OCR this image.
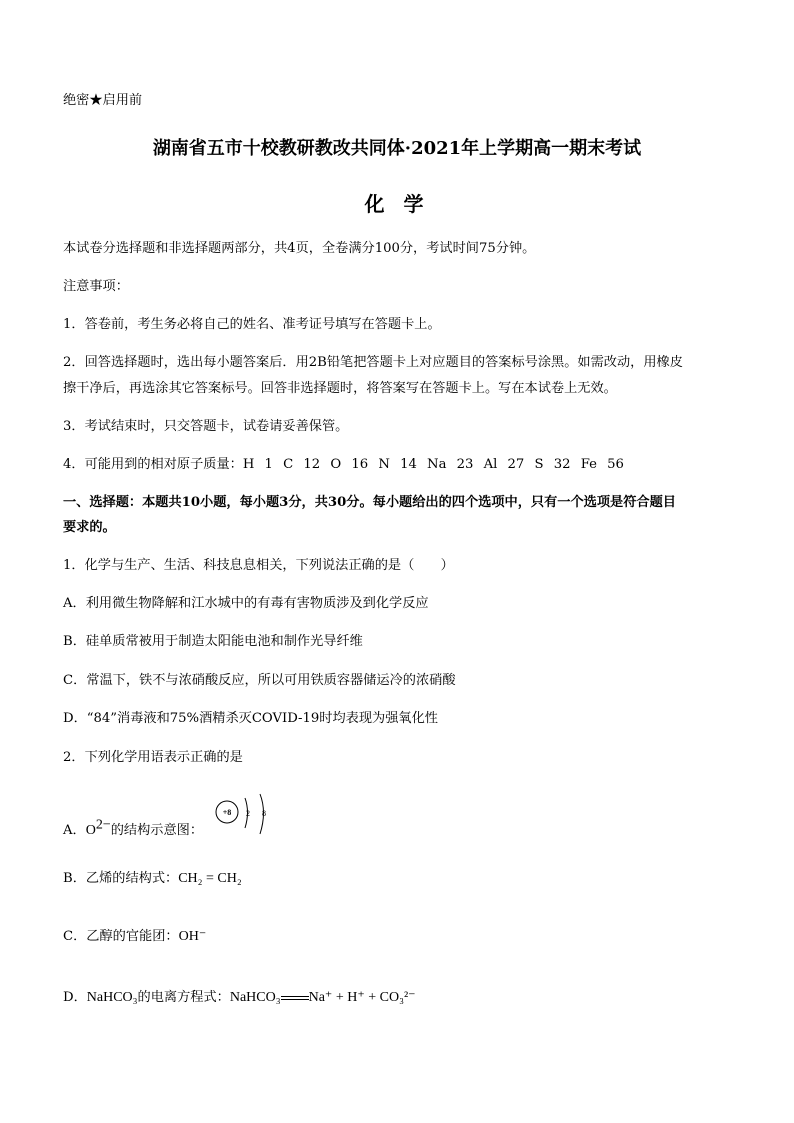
绝密★启用前
湖南省五市十校教研教改共同体·2021年上学期高一期末考试
化 学
本试卷分选择题和非选择题两部分，共4页，全卷满分100分，考试时间75分钟。
注意事项：
1．答卷前，考生务必将自己的姓名、准考证号填写在答题卡上。
2．回答选择题时，选出每小题答案后．用2B铅笔把答题卡上对应题目的答案标号涂黑。如需改动，用橡皮
擦干净后，再选涂其它答案标号。回答非选择题时，将答案写在答题卡上。写在本试卷上无效。
3．考试结束时，只交答题卡，试卷请妥善保管。
4．可能用到的相对原子质量：H 1 C 12 O 16 N 14 Na 23 Al 27 S 32 Fe 56
一、选择题：本题共10小题，每小题3分，共30分。每小题给出的四个选项中，只有一个选项是符合题目
要求的。
1．化学与生产、生活、科技息息相关，下列说法正确的是（　　）
A．利用微生物降解和江水城中的有毒有害物质涉及到化学反应
B．硅单质常被用于制造太阳能电池和制作光导纤维
C．常温下，铁不与浓硝酸反应，所以可用铁质容器储运冷的浓硝酸
D．“84”消毒液和75%酒精杀灭COVID-19时均表现为强氧化性
2．下列化学用语表示正确的是
A．$O^{2-}$的结构示意图：
+8 2 8
B．乙烯的结构式：CH₂ = CH₂
C．乙醇的官能团：OH⁻
D．NaHCO₃的电离方程式：NaHCO₃ Na⁺ + H⁺ + CO₃²⁻
